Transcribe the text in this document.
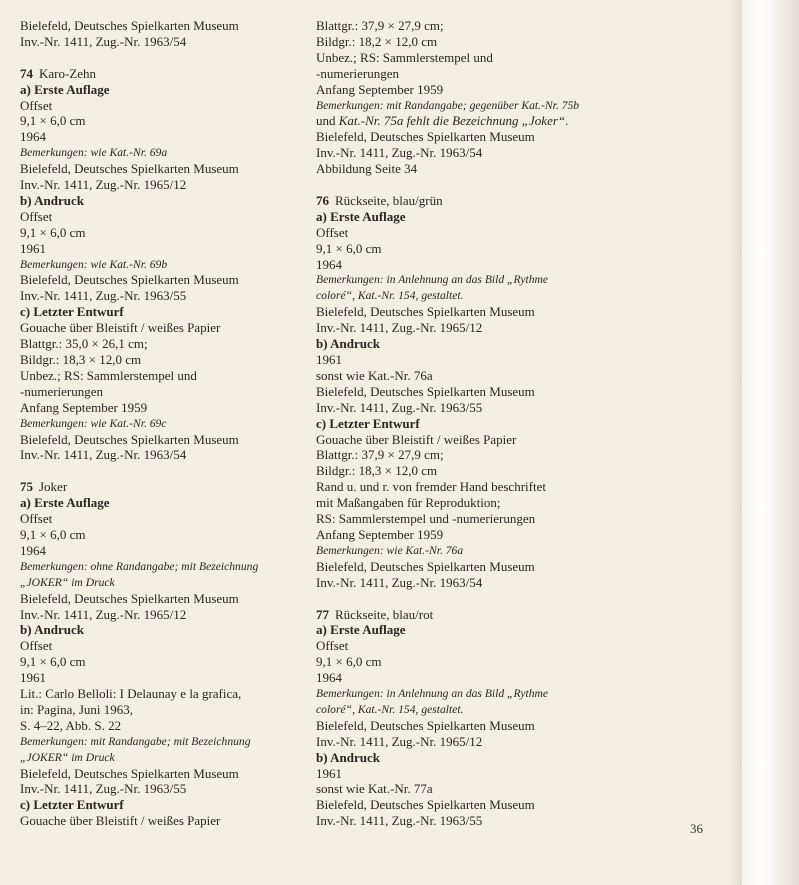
Bielefeld, Deutsches Spielkarten Museum
Inv.-Nr. 1411, Zug.-Nr. 1963/54
74 Karo-Zehn
a) Erste Auflage
Offset
9,1 × 6,0 cm
1964
Bemerkungen: wie Kat.-Nr. 69a
Bielefeld, Deutsches Spielkarten Museum
Inv.-Nr. 1411, Zug.-Nr. 1965/12
b) Andruck
Offset
9,1 × 6,0 cm
1961
Bemerkungen: wie Kat.-Nr. 69b
Bielefeld, Deutsches Spielkarten Museum
Inv.-Nr. 1411, Zug.-Nr. 1963/55
c) Letzter Entwurf
Gouache über Bleistift / weißes Papier
Blattgr.: 35,0 × 26,1 cm;
Bildgr.: 18,3 × 12,0 cm
Unbez.; RS: Sammlerstempel und
-numerierungen
Anfang September 1959
Bemerkungen: wie Kat.-Nr. 69c
Bielefeld, Deutsches Spielkarten Museum
Inv.-Nr. 1411, Zug.-Nr. 1963/54
75 Joker
a) Erste Auflage
Offset
9,1 × 6,0 cm
1964
Bemerkungen: ohne Randangabe; mit Bezeichnung
„JOKER“ im Druck
Bielefeld, Deutsches Spielkarten Museum
Inv.-Nr. 1411, Zug.-Nr. 1965/12
b) Andruck
Offset
9,1 × 6,0 cm
1961
Lit.: Carlo Belloli: I Delaunay e la grafica,
in: Pagina, Juni 1963,
S. 4–22, Abb. S. 22
Bemerkungen: mit Randangabe; mit Bezeichnung
„JOKER“ im Druck
Bielefeld, Deutsches Spielkarten Museum
Inv.-Nr. 1411, Zug.-Nr. 1963/55
c) Letzter Entwurf
Gouache über Bleistift / weißes Papier
Blattgr.: 37,9 × 27,9 cm;
Bildgr.: 18,2 × 12,0 cm
Unbez.; RS: Sammlerstempel und
-numerierungen
Anfang September 1959
Bemerkungen: mit Randangabe; gegenüber Kat.-Nr. 75b
und Kat.-Nr. 75a fehlt die Bezeichnung „Joker“.
Bielefeld, Deutsches Spielkarten Museum
Inv.-Nr. 1411, Zug.-Nr. 1963/54
Abbildung Seite 34
76 Rückseite, blau/grün
a) Erste Auflage
Offset
9,1 × 6,0 cm
1964
Bemerkungen: in Anlehnung an das Bild „Rythme
coloré“, Kat.-Nr. 154, gestaltet.
Bielefeld, Deutsches Spielkarten Museum
Inv.-Nr. 1411, Zug.-Nr. 1965/12
b) Andruck
1961
sonst wie Kat.-Nr. 76a
Bielefeld, Deutsches Spielkarten Museum
Inv.-Nr. 1411, Zug.-Nr. 1963/55
c) Letzter Entwurf
Gouache über Bleistift / weißes Papier
Blattgr.: 37,9 × 27,9 cm;
Bildgr.: 18,3 × 12,0 cm
Rand u. und r. von fremder Hand beschriftet
mit Maßangaben für Reproduktion;
RS: Sammlerstempel und -numerierungen
Anfang September 1959
Bemerkungen: wie Kat.-Nr. 76a
Bielefeld, Deutsches Spielkarten Museum
Inv.-Nr. 1411, Zug.-Nr. 1963/54
77 Rückseite, blau/rot
a) Erste Auflage
Offset
9,1 × 6,0 cm
1964
Bemerkungen: in Anlehnung an das Bild „Rythme
coloré“, Kat.-Nr. 154, gestaltet.
Bielefeld, Deutsches Spielkarten Museum
Inv.-Nr. 1411, Zug.-Nr. 1965/12
b) Andruck
1961
sonst wie Kat.-Nr. 77a
Bielefeld, Deutsches Spielkarten Museum
Inv.-Nr. 1411, Zug.-Nr. 1963/55
36
